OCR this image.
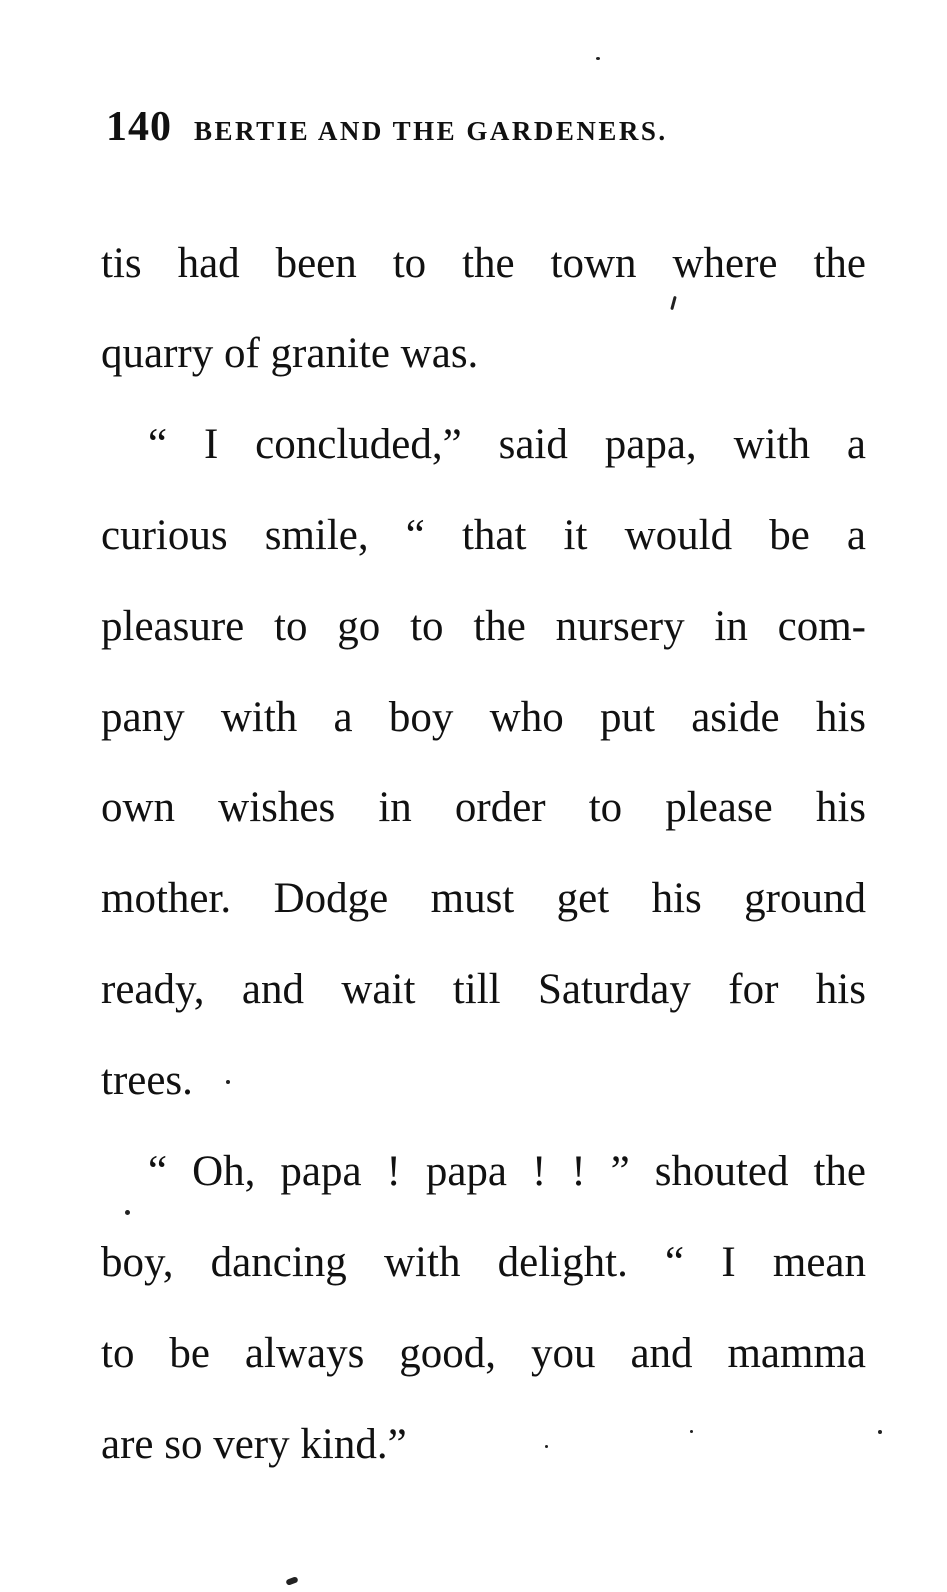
140 BERTIE AND THE GARDENERS.
tis had been to the town where the
quarry of granite was.
“ I concluded,” said papa, with a
curious smile, “ that it would be a
pleasure to go to the nursery in com-
pany with a boy who put aside his
own wishes in order to please his
mother. Dodge must get his ground
ready, and wait till Saturday for his
trees.
“ Oh, papa ! papa ! ! ” shouted the
boy, dancing with delight. “ I mean
to be always good, you and mamma
are so very kind.”
